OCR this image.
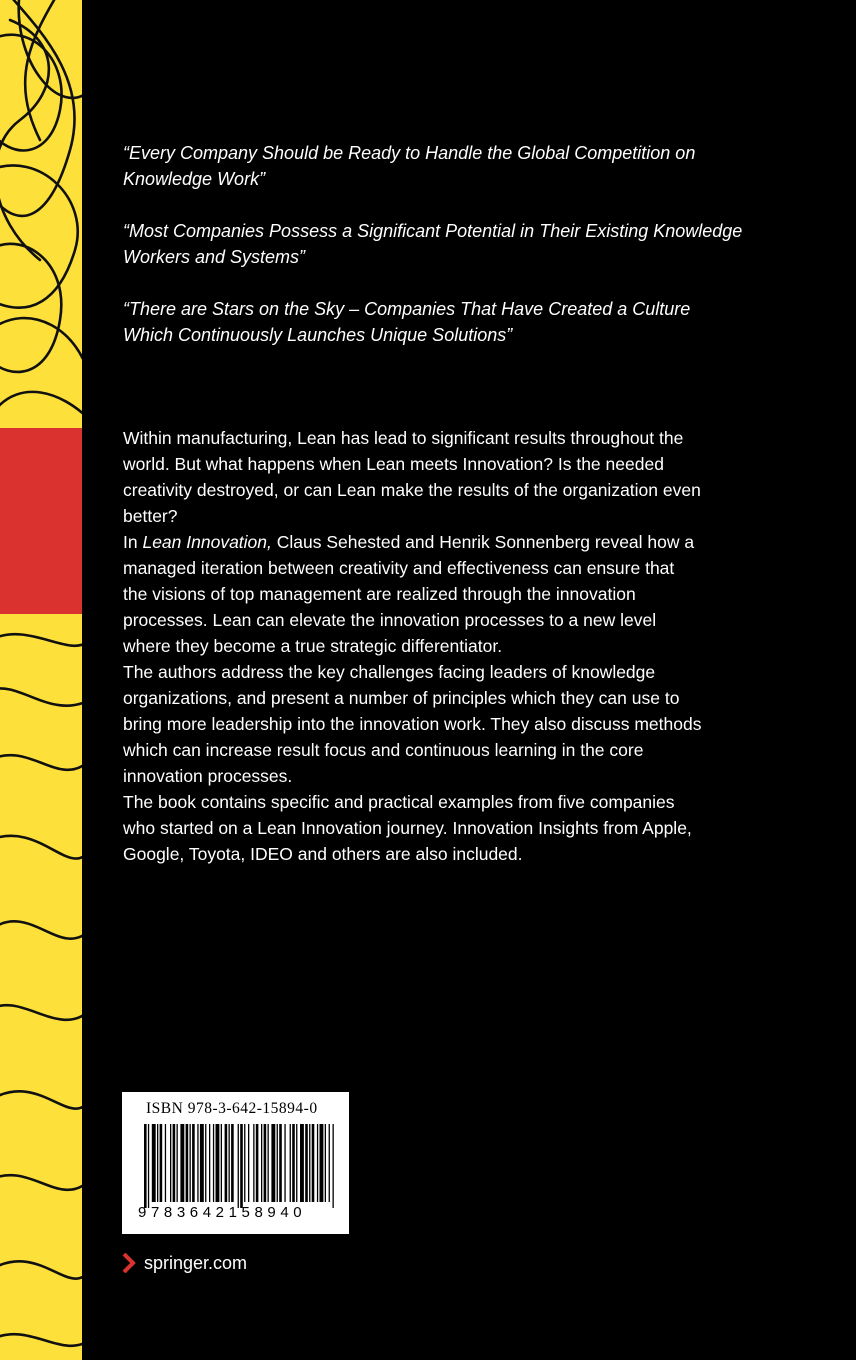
“Every Company Should be Ready to Handle the Global Competition on Knowledge Work”

“Most Companies Possess a Significant Potential in Their Existing Knowledge Workers and Systems”

“There are Stars on the Sky – Companies That Have Created a Culture Which Continuously Launches Unique Solutions”

Within manufacturing, Lean has lead to significant results throughout the world. But what happens when Lean meets Innovation? Is the needed creativity destroyed, or can Lean make the results of the organization even better?

In Lean Innovation, Claus Sehested and Henrik Sonnenberg reveal how a managed iteration between creativity and effectiveness can ensure that the visions of top management are realized through the innovation processes. Lean can elevate the innovation processes to a new level where they become a true strategic differentiator.

The authors address the key challenges facing leaders of knowledge organizations, and present a number of principles which they can use to bring more leadership into the innovation work. They also discuss methods which can increase result focus and continuous learning in the core innovation processes.

The book contains specific and practical examples from five companies who started on a Lean Innovation journey. Innovation Insights from Apple, Google, Toyota, IDEO and others are also included.

ISBN 978-3-642-15894-0
9783642158940
springer.com
